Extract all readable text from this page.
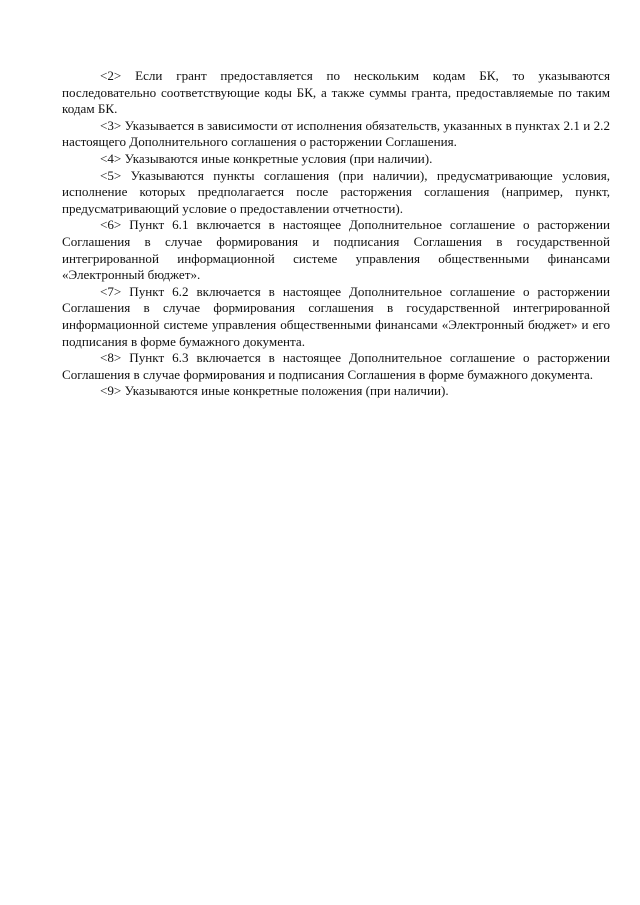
<2> Если грант предоставляется по нескольким кодам БК, то указываются последовательно соответствующие коды БК, а также суммы гранта, предоставляемые по таким кодам БК.

<3> Указывается в зависимости от исполнения обязательств, указанных в пунктах 2.1 и 2.2 настоящего Дополнительного соглашения о расторжении Соглашения.

<4> Указываются иные конкретные условия (при наличии).

<5> Указываются пункты соглашения (при наличии), предусматривающие условия, исполнение которых предполагается после расторжения соглашения (например, пункт, предусматривающий условие о предоставлении отчетности).

<6> Пункт 6.1 включается в настоящее Дополнительное соглашение о расторжении Соглашения в случае формирования и подписания Соглашения в государственной интегрированной информационной системе управления общественными финансами «Электронный бюджет».

<7> Пункт 6.2 включается в настоящее Дополнительное соглашение о расторжении Соглашения в случае формирования соглашения в государственной интегрированной информационной системе управления общественными финансами «Электронный бюджет» и его подписания в форме бумажного документа.

<8> Пункт 6.3 включается в настоящее Дополнительное соглашение о расторжении Соглашения в случае формирования и подписания Соглашения в форме бумажного документа.

<9> Указываются иные конкретные положения (при наличии).
